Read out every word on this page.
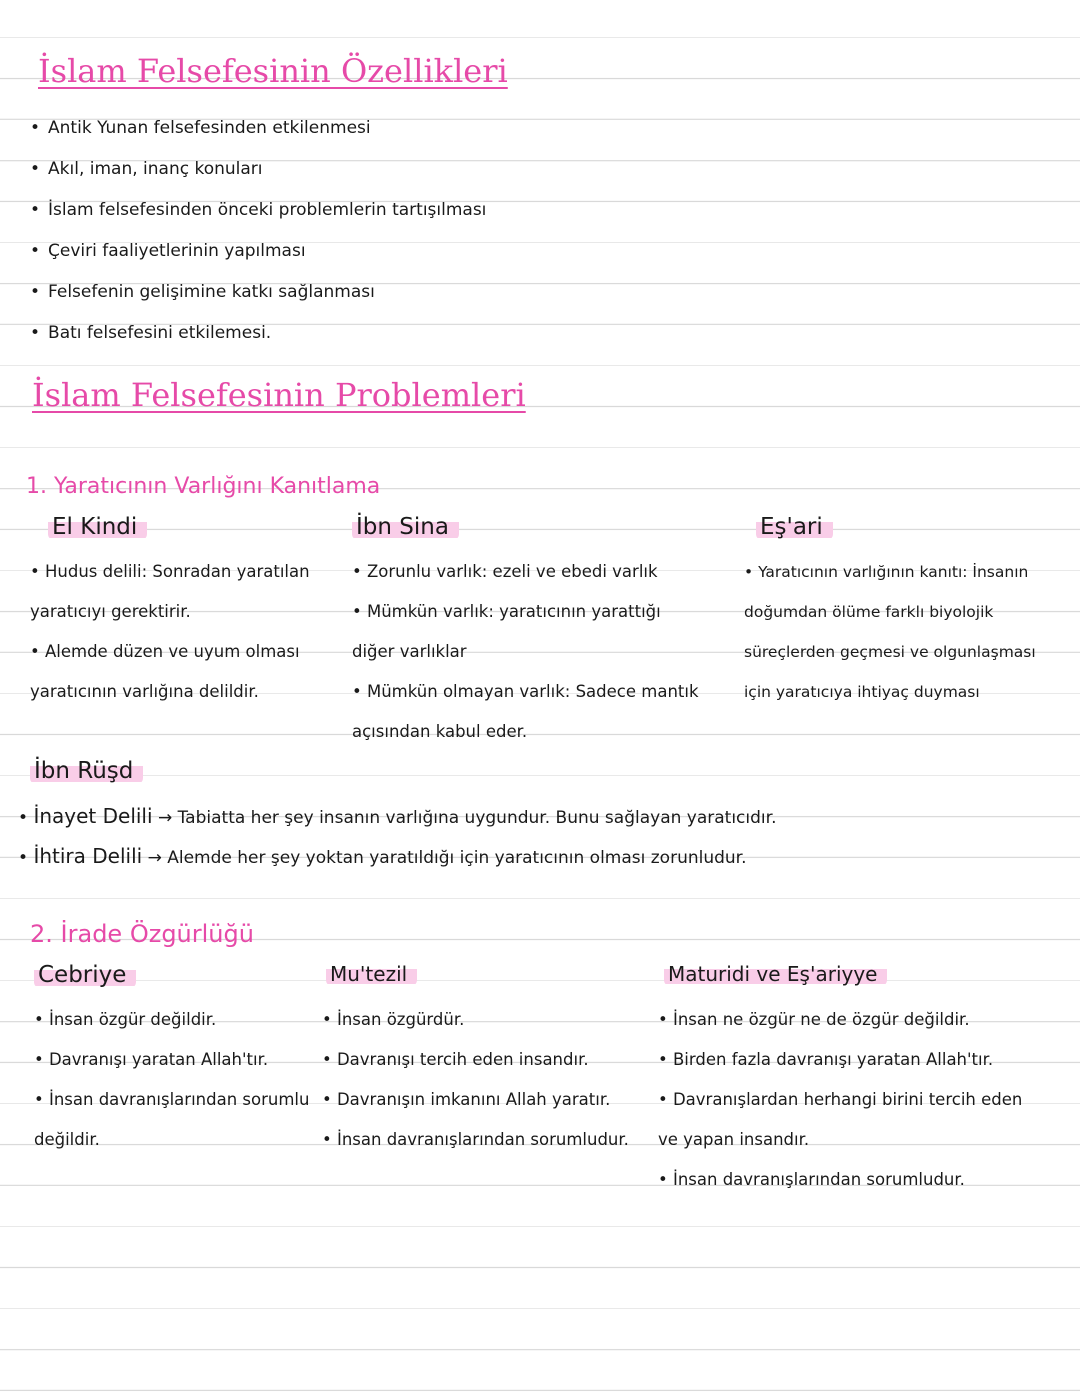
İslam Felsefesinin Özellikleri
• Antik Yunan felsefesinden etkilenmesi
• Akıl, iman, inanç konuları
• İslam felsefesinden önceki problemlerin tartışılması
• Çeviri faaliyetlerinin yapılması
• Felsefenin gelişimine katkı sağlanması
• Batı felsefesini etkilemesi.
İslam Felsefesinin Problemleri
1. Yaratıcının Varlığını Kanıtlama
El Kindi
• Hudus delili: Sonradan yaratılan
yaratıcıyı gerektirir.
• Alemde düzen ve uyum olması
yaratıcının varlığına delildir.
İbn Sina
• Zorunlu varlık: ezeli ve ebedi varlık
• Mümkün varlık: yaratıcının yarattığı
diğer varlıklar
• Mümkün olmayan varlık: Sadece mantık
açısından kabul eder.
Eş'ari
• Yaratıcının varlığının kanıtı: İnsanın
doğumdan ölüme farklı biyolojik
süreçlerden geçmesi ve olgunlaşması
için yaratıcıya ihtiyaç duyması
İbn Rüşd
• İnayet Delili → Tabiatta her şey insanın varlığına uygundur. Bunu sağlayan yaratıcıdır.
• İhtira Delili → Alemde her şey yoktan yaratıldığı için yaratıcının olması zorunludur.
2. İrade Özgürlüğü
Cebriye
• İnsan özgür değildir.
• Davranışı yaratan Allah'tır.
• İnsan davranışlarından sorumlu
değildir.
Mu'tezil
• İnsan özgürdür.
• Davranışı tercih eden insandır.
• Davranışın imkanını Allah yaratır.
• İnsan davranışlarından sorumludur.
Maturidi ve Eş'ariyye
• İnsan ne özgür ne de özgür değildir.
• Birden fazla davranışı yaratan Allah'tır.
• Davranışlardan herhangi birini tercih eden
ve yapan insandır.
• İnsan davranışlarından sorumludur.
